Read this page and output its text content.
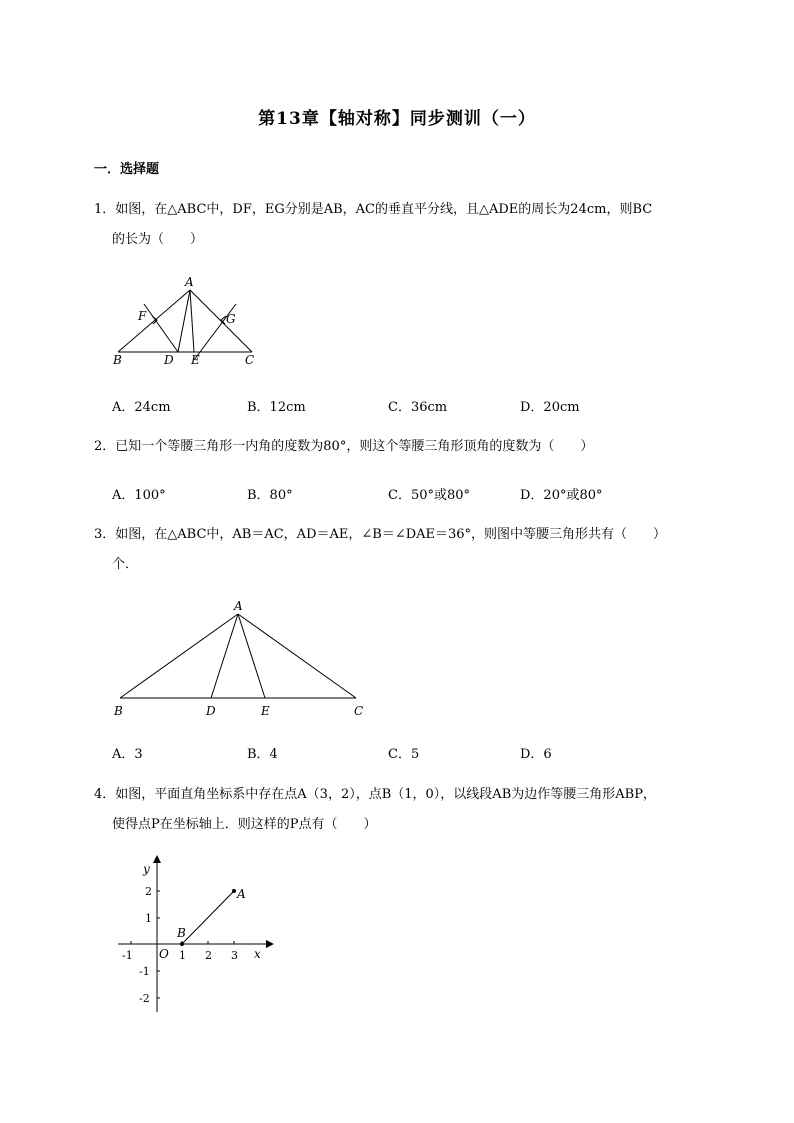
第13章【轴对称】同步测训（一）
一．选择题
1．如图，在△ABC中，DF，EG分别是AB，AC的垂直平分线，且△ADE的周长为24cm，则BC
的长为（　　）
A
F	G
B	D E	C
A．24cm	B．12cm	C．36cm	D．20cm
2．已知一个等腰三角形一内角的度数为80°，则这个等腰三角形顶角的度数为（　　）
A．100°	B．80°	C．50°或80°	D．20°或80°
3．如图，在△ABC中，AB＝AC，AD＝AE，∠B＝∠DAE＝36°，则图中等腰三角形共有（　　）
个．
A
B	D	E	C
A．3	B．4	C．5	D．6
4．如图，平面直角坐标系中存在点A（3，2），点B（1，0），以线段AB为边作等腰三角形ABP，
使得点P在坐标轴上．则这样的P点有（　　）
y
x
O
A
B
2
1
-1
-2
-1	1 2 3
